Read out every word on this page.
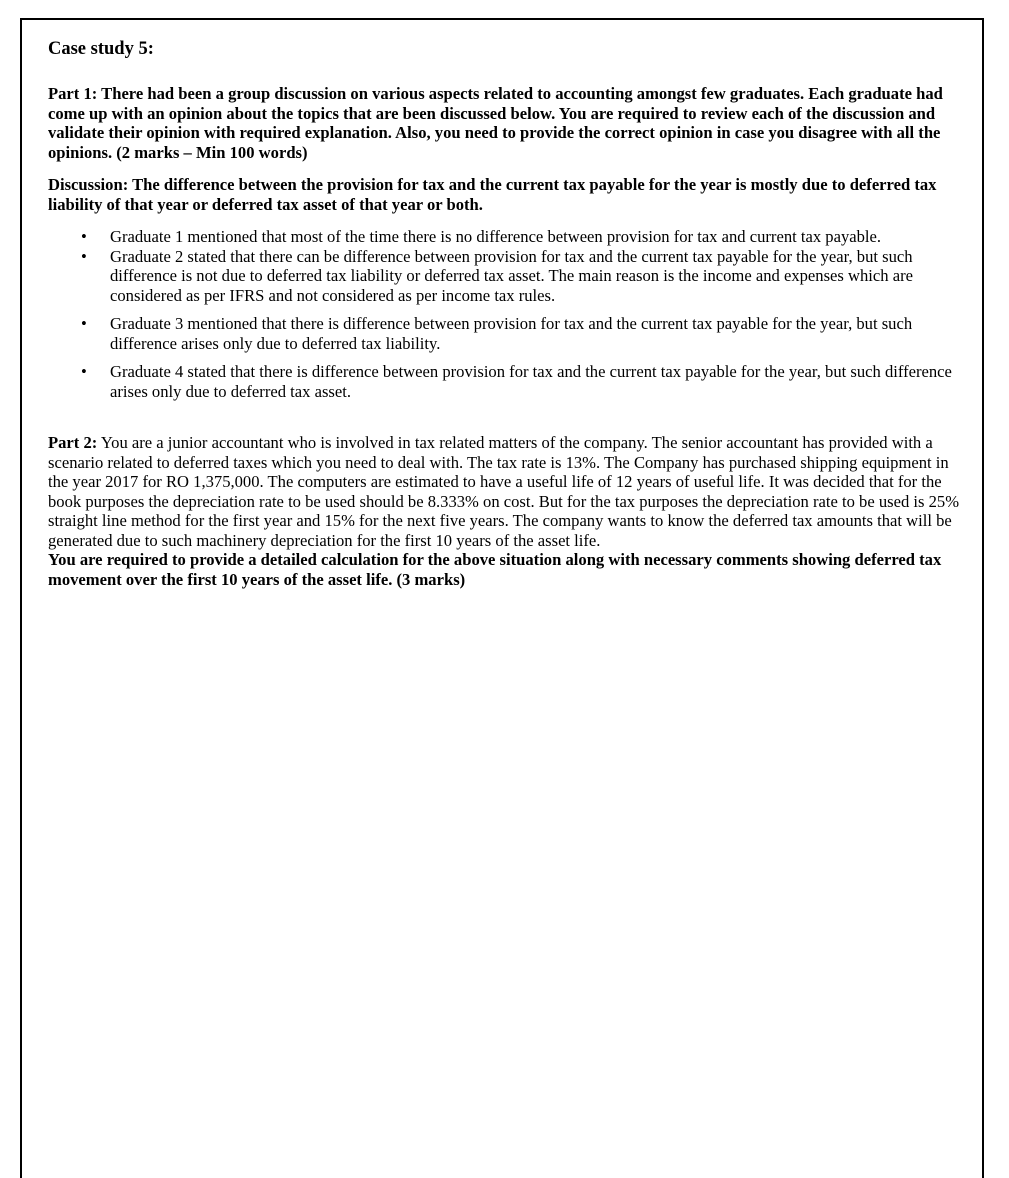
Case study 5:

Part 1: There had been a group discussion on various aspects related to accounting amongst few graduates. Each graduate had come up with an opinion about the topics that are been discussed below. You are required to review each of the discussion and validate their opinion with required explanation. Also, you need to provide the correct opinion in case you disagree with all the opinions. (2 marks – Min 100 words)

Discussion: The difference between the provision for tax and the current tax payable for the year is mostly due to deferred tax liability of that year or deferred tax asset of that year or both.

• Graduate 1 mentioned that most of the time there is no difference between provision for tax and current tax payable.
• Graduate 2 stated that there can be difference between provision for tax and the current tax payable for the year, but such difference is not due to deferred tax liability or deferred tax asset. The main reason is the income and expenses which are considered as per IFRS and not considered as per income tax rules.
• Graduate 3 mentioned that there is difference between provision for tax and the current tax payable for the year, but such difference arises only due to deferred tax liability.
• Graduate 4 stated that there is difference between provision for tax and the current tax payable for the year, but such difference arises only due to deferred tax asset.

Part 2: You are a junior accountant who is involved in tax related matters of the company. The senior accountant has provided with a scenario related to deferred taxes which you need to deal with. The tax rate is 13%. The Company has purchased shipping equipment in the year 2017 for RO 1,375,000. The computers are estimated to have a useful life of 12 years of useful life. It was decided that for the book purposes the depreciation rate to be used should be 8.333% on cost. But for the tax purposes the depreciation rate to be used is 25% straight line method for the first year and 15% for the next five years. The company wants to know the deferred tax amounts that will be generated due to such machinery depreciation for the first 10 years of the asset life.

You are required to provide a detailed calculation for the above situation along with necessary comments showing deferred tax movement over the first 10 years of the asset life. (3 marks)
